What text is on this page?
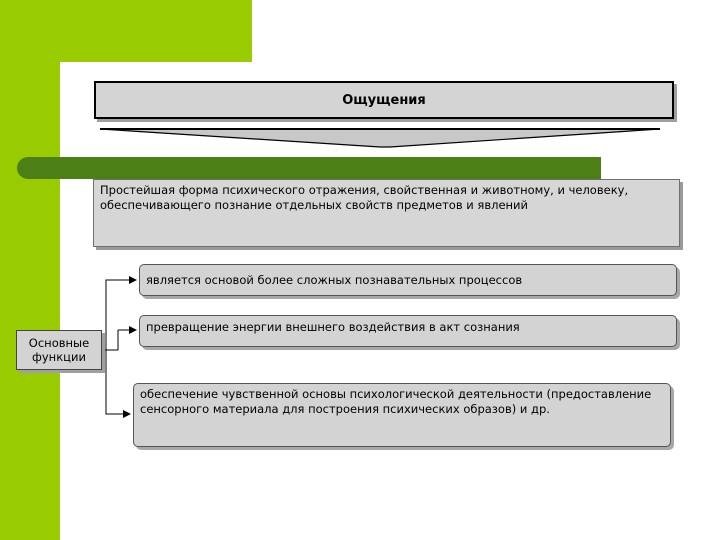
Ощущения
Простейшая форма психического отражения, свойственная и животному, и человеку, обеспечивающего познание отдельных свойств предметов и явлений
является основой более сложных познавательных процессов
превращение энергии внешнего воздействия в акт сознания
обеспечение чувственной основы психологической деятельности (предоставление сенсорного материала для построения психических образов) и др.
Основные функции
